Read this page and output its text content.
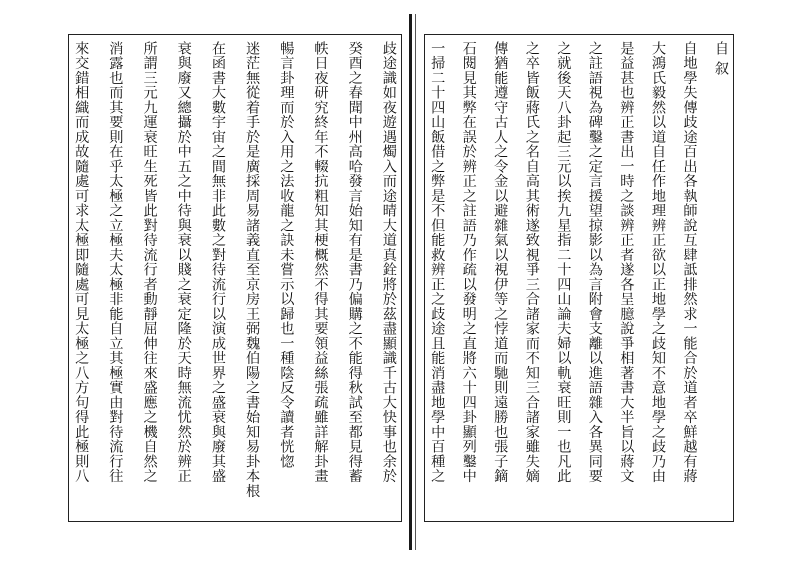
自叙
自地學失傳歧途百出各執師說互肆詆排然求一能合於道者卒鮮越有蔣
大鴻氏毅然以道自任作地理辨正欲以正地學之歧知不意地學之歧乃由
是益甚也辨正書出一時之談辨正者遂各呈臆說爭相著書大半旨以蔣文
之註語視為碑鑿之定言援望掠影以為言附會支離以進語雜入各異同要
之就後天八卦起三元以挨九星指二十四山論夫婦以軌衰旺則一也凡此
之卒皆飯蔣氏之名自高其術遂致視爭三合諸家而不知三合諸家雖失嫡
傳猶能遵守古人之令金以避雜氣以視伊等之悖道而馳則遠勝也張子鏑
石閱見其弊在誤於辨正之註語乃作疏以發明之直將六十四卦顯列鑿中
一掃二十四山飯借之弊是不但能救辨正之歧途且能消盡地學中百種之
歧途識如夜遊遇燭入而途晴大道真銓將於茲盡顯識千古大快事也余於
癸酉之春聞中州高哈發言始知有是書乃偏購之不能得秋試至都見得蓄
帙日夜研究終年不輟抗粗知其梗概然不得其要領益絲張疏雖詳解卦畫
暢言卦理而於入用之法收龍之訣未嘗示以歸也一種陰反令讀者恍惚
迷茫無從着手於是廣採周易諸義直至京房王弼魏伯陽之書始知易卦本根
在函書大數宇宙之間無非此數之對待流行以演成世界之盛衰與廢其盛
衰與廢又總攝於中五之中待與衰以賤之衰定隆於天時無流忧然於辨正
所謂三元九運衰旺生死皆此對待流行者動靜屈伸往來盛應之機自然之
消露也而其要則在乎太極之立極夫太極非能自立其極實由對待流行往
來交錯相織而成故隨處可求太極即隨處可見太極之八方句得此極則八
